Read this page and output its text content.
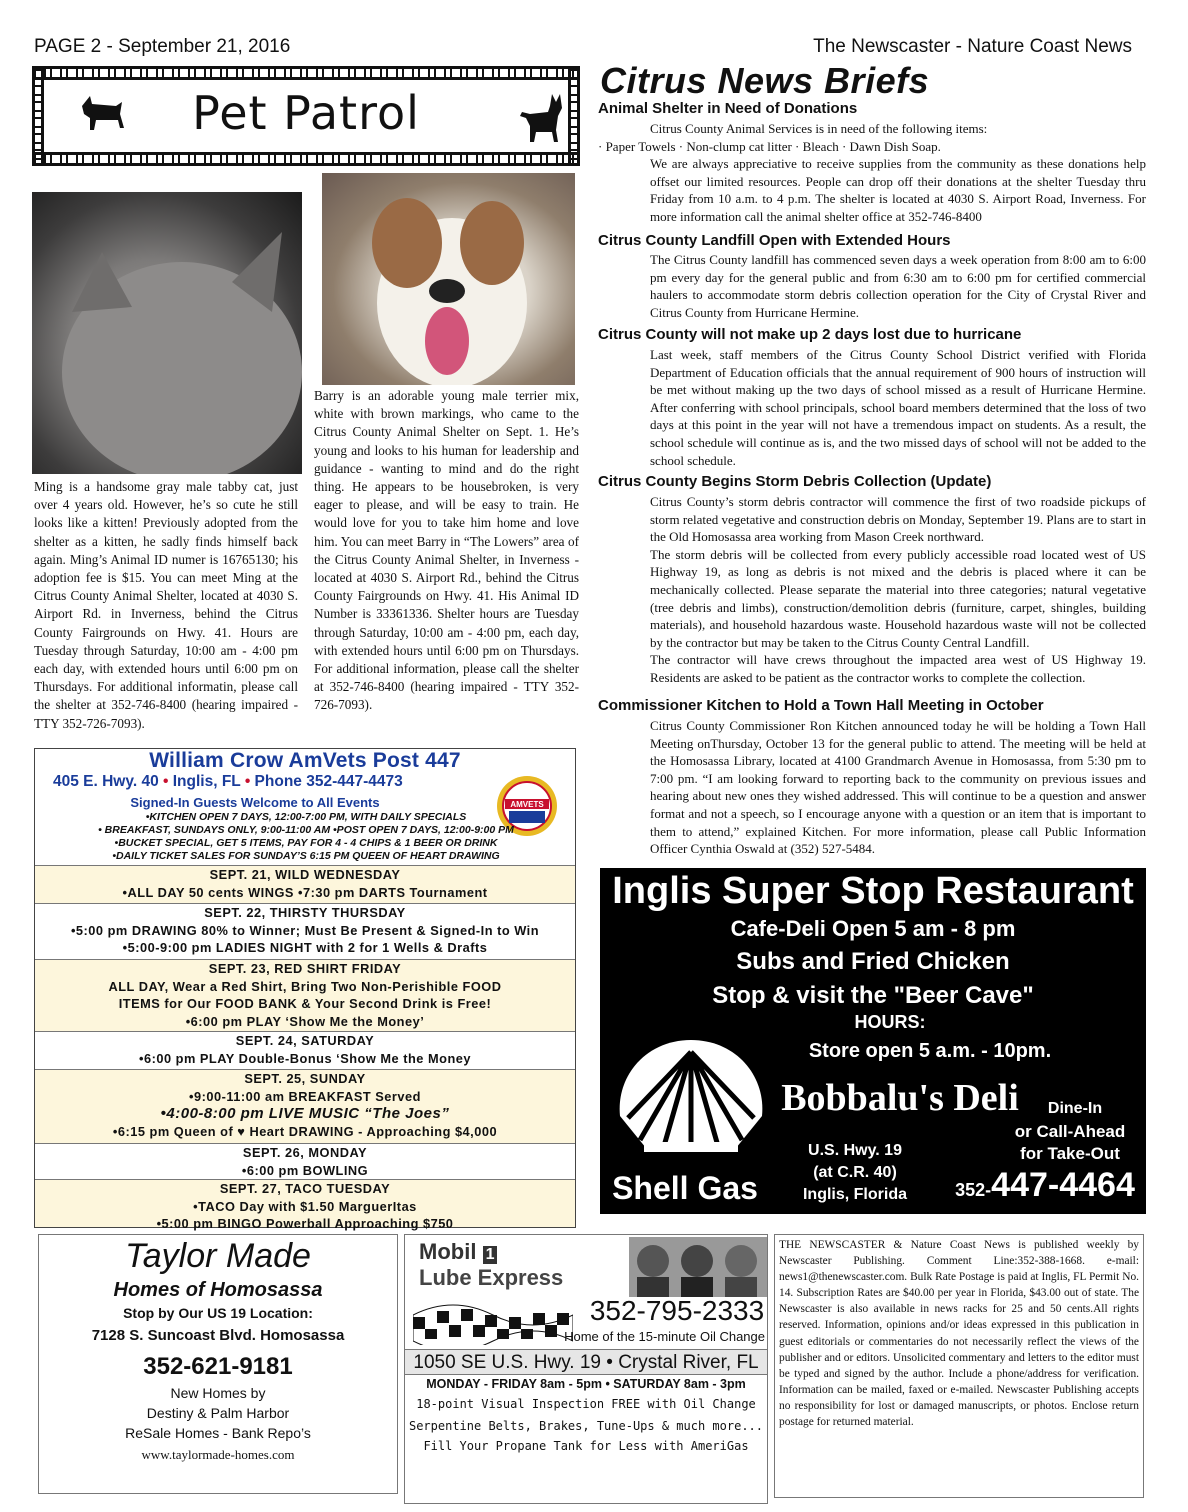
PAGE 2 - September 21, 2016	The Newscaster - Nature Coast News
Pet Patrol
Ming is a handsome gray male tabby cat, just over 4 years old. However, he’s so cute he still looks like a kitten! Previously adopted from the shelter as a kitten, he sadly finds himself back again. Ming’s Animal ID numer is 16765130; his adoption fee is $15. You can meet Ming at the Citrus County Animal Shelter, located at 4030 S. Airport Rd. in Inverness, behind the Citrus County Fairgrounds on Hwy. 41. Hours are Tuesday through Saturday, 10:00 am - 4:00 pm each day, with extended hours until 6:00 pm on Thursdays. For additional informatin, please call the shelter at 352-746-8400 (hearing impaired - TTY 352-726-7093).
Barry is an adorable young male terrier mix, white with brown markings, who came to the Citrus County Animal Shelter on Sept. 1. He’s young and looks to his human for leadership and guidance - wanting to mind and do the right thing. He appears to be housebroken, is very eager to please, and will be easy to train. He would love for you to take him home and love him. You can meet Barry in “The Lowers” area of the Citrus County Animal Shelter, in Inverness - located at 4030 S. Airport Rd., behind the Citrus County Fairgrounds on Hwy. 41. His Animal ID Number is 33361336. Shelter hours are Tuesday through Saturday, 10:00 am - 4:00 pm, each day, with extended hours until 6:00 pm on Thursdays. For additional information, please call the shelter at 352-746-8400 (hearing impaired - TTY 352-726-7093).
William Crow AmVets Post 447
405 E. Hwy. 40 • Inglis, FL • Phone 352-447-4473
Signed-In Guests Welcome to All Events	AMVETS
•KITCHEN OPEN 7 DAYS, 12:00-7:00 PM, WITH DAILY SPECIALS
• BREAKFAST, SUNDAYS ONLY, 9:00-11:00 AM •POST OPEN 7 DAYS, 12:00-9:00 PM
•BUCKET SPECIAL, GET 5 ITEMS, PAY FOR 4 - 4 CHIPS & 1 BEER OR DRINK
•DAILY TICKET SALES FOR SUNDAY’S 6:15 PM QUEEN OF HEART DRAWING
SEPT. 21, WILD WEDNESDAY
•ALL DAY 50 cents WINGS •7:30 pm DARTS Tournament
SEPT. 22, THIRSTY THURSDAY
•5:00 pm DRAWING 80% to Winner; Must Be Present & Signed-In to Win
•5:00-9:00 pm LADIES NIGHT with 2 for 1 Wells & Drafts
SEPT. 23, RED SHIRT FRIDAY
ALL DAY, Wear a Red Shirt, Bring Two Non-Perishible FOOD
ITEMS for Our FOOD BANK & Your Second Drink is Free!
•6:00 pm PLAY ‘Show Me the Money’
SEPT. 24, SATURDAY
•6:00 pm PLAY Double-Bonus ‘Show Me the Money
SEPT. 25, SUNDAY
•9:00-11:00 am BREAKFAST Served
•4:00-8:00 pm LIVE MUSIC “The Joes”
•6:15 pm Queen of ♥ Heart DRAWING - Approaching $4,000
SEPT. 26, MONDAY
•6:00 pm BOWLING
SEPT. 27, TACO TUESDAY
•TACO Day with $1.50 MarguerItas
•5:00 pm BINGO Powerball Approaching $750
Citrus News Briefs
Animal Shelter in Need of Donations
Citrus County Animal Services is in need of the following items:
· Paper Towels · Non-clump cat litter · Bleach · Dawn Dish Soap.
We are always appreciative to receive supplies from the community as these donations help offset our limited resources. People can drop off their donations at the shelter Tuesday thru Friday from 10 a.m. to 4 p.m. The shelter is located at 4030 S. Airport Road, Inverness. For more information call the animal shelter office at 352-746-8400
Citrus County Landfill Open with Extended Hours
The Citrus County landfill has commenced seven days a week operation from 8:00 am to 6:00 pm every day for the general public and from 6:30 am to 6:00 pm for certified commercial haulers to accommodate storm debris collection operation for the City of Crystal River and Citrus County from Hurricane Hermine.
Citrus County will not make up 2 days lost due to hurricane
Last week, staff members of the Citrus County School District verified with Florida Department of Education officials that the annual requirement of 900 hours of instruction will be met without making up the two days of school missed as a result of Hurricane Hermine. After conferring with school principals, school board members determined that the loss of two days at this point in the year will not have a tremendous impact on students. As a result, the school schedule will continue as is, and the two missed days of school will not be added to the school schedule.
Citrus County Begins Storm Debris Collection (Update)
Citrus County’s storm debris contractor will commence the first of two roadside pickups of storm related vegetative and construction debris on Monday, September 19. Plans are to start in the Old Homosassa area working from Mason Creek northward.
The storm debris will be collected from every publicly accessible road located west of US Highway 19, as long as debris is not mixed and the debris is placed where it can be mechanically collected. Please separate the material into three categories; natural vegetative (tree debris and limbs), construction/demolition debris (furniture, carpet, shingles, building materials), and household hazardous waste. Household hazardous waste will not be collected by the contractor but may be taken to the Citrus County Central Landfill.
The contractor will have crews throughout the impacted area west of US Highway 19. Residents are asked to be patient as the contractor works to complete the collection.
Commissioner Kitchen to Hold a Town Hall Meeting in October
Citrus County Commissioner Ron Kitchen announced today he will be holding a Town Hall Meeting onThursday, October 13 for the general public to attend. The meeting will be held at the Homosassa Library, located at 4100 Grandmarch Avenue in Homosassa, from 5:30 pm to 7:00 pm. “I am looking forward to reporting back to the community on previous issues and hearing about new ones they wished addressed. This will continue to be a question and answer format and not a speech, so I encourage anyone with a question or an item that is important to them to attend,” explained Kitchen. For more information, please call Public Information Officer Cynthia Oswald at (352) 527-5484.
Inglis Super Stop Restaurant
Cafe-Deli Open 5 am - 8 pm
Subs and Fried Chicken
Stop & visit the "Beer Cave"
HOURS:
Store open 5 a.m. - 10pm.
Bobbalu's Deli	Dine-In
or Call-Ahead
for Take-Out
U.S. Hwy. 19
(at C.R. 40)
Inglis, Florida	352-447-4464
Shell Gas
Taylor Made
Homes of Homosassa
Stop by Our US 19 Location:
7128 S. Suncoast Blvd. Homosassa
352-621-9181
New Homes by
Destiny & Palm Harbor
ReSale Homes - Bank Repo’s
www.taylormade-homes.com
Mobil 1
Lube Express
352-795-2333
Home of the 15-minute Oil Change
1050 SE U.S. Hwy. 19 • Crystal River, FL
MONDAY - FRIDAY 8am - 5pm • SATURDAY 8am - 3pm
18-point Visual Inspection FREE with Oil Change
Serpentine Belts, Brakes, Tune-Ups & much more...
Fill Your Propane Tank for Less with AmeriGas
THE NEWSCASTER & Nature Coast News is published weekly by Newscaster Publishing. Comment Line:352-388-1668. e-mail: news1@thenewscaster.com. Bulk Rate Postage is paid at Inglis, FL Permit No. 14. Subscription Rates are $40.00 per year in Florida, $43.00 out of state. The Newscaster is also available in news racks for 25 and 50 cents.All rights reserved. Information, opinions and/or ideas expressed in this publication in guest editorials or commentaries do not necessarily reflect the views of the publisher and or editors. Unsolicited commentary and letters to the editor must be typed and signed by the author. Include a phone/address for verification. Information can be mailed, faxed or e-mailed. Newscaster Publishing accepts no responsibility for lost or damaged manuscripts, or photos. Enclose return postage for returned material.
